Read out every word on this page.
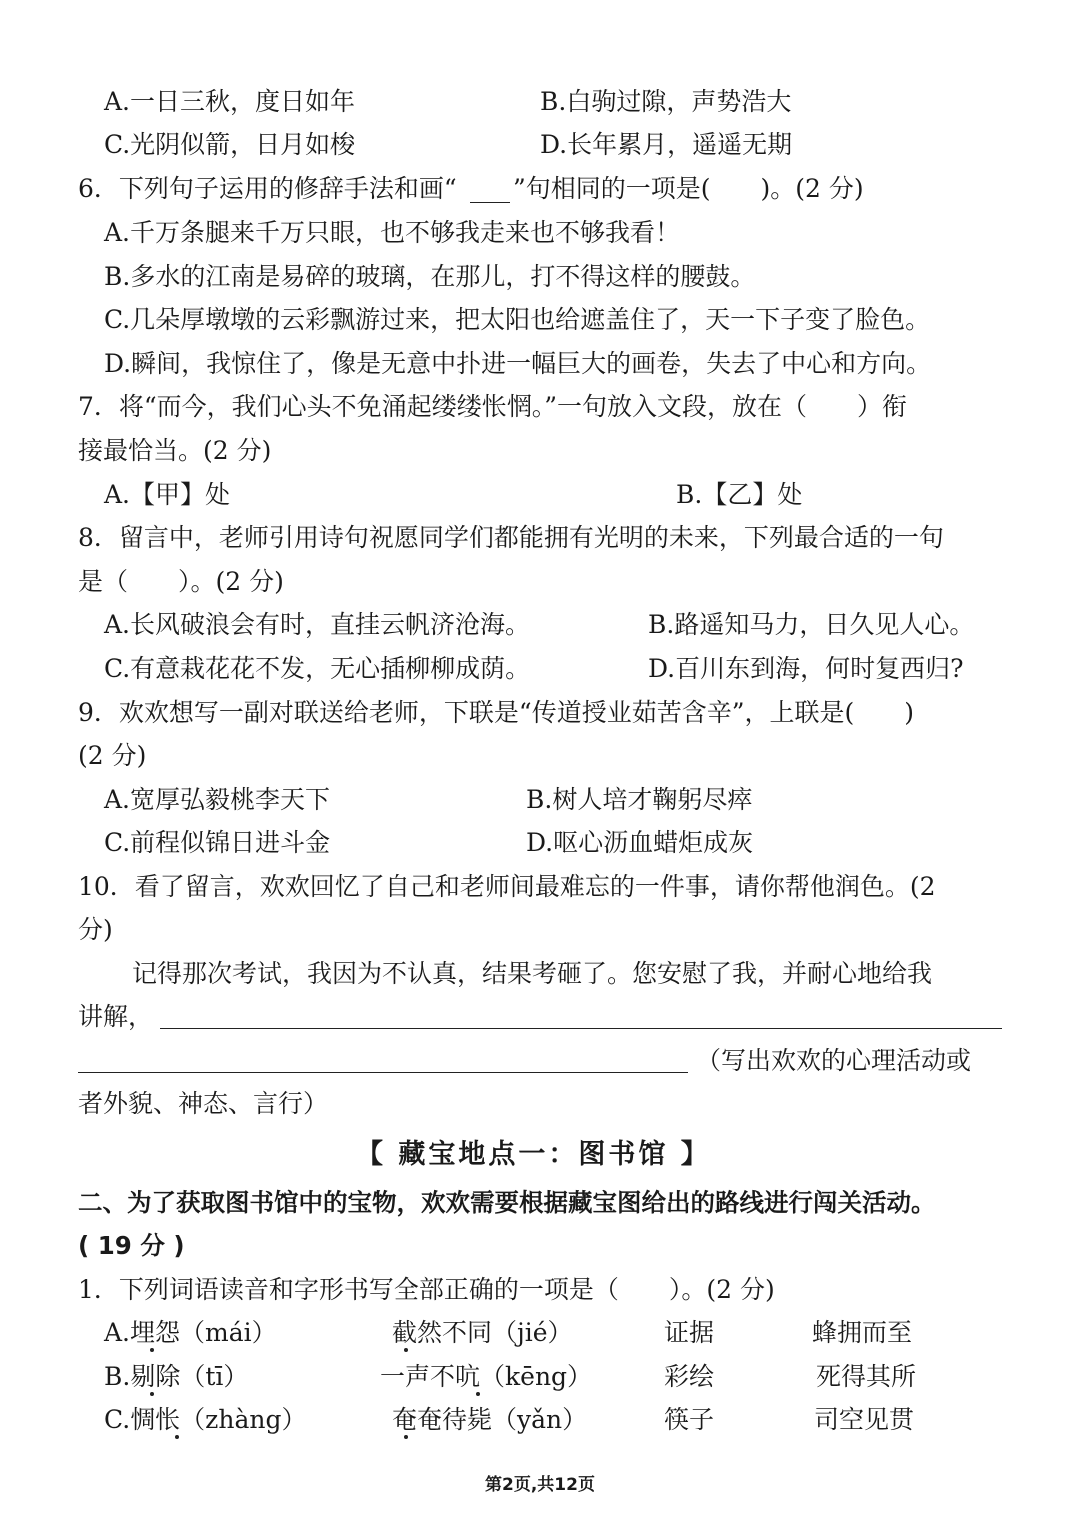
A.一日三秋，度日如年	B.白驹过隙，声势浩大
C.光阴似箭，日月如梭	D.长年累月，遥遥无期
6．下列句子运用的修辞手法和画“ ”句相同的一项是(　　)。(2 分)
A.千万条腿来千万只眼，也不够我走来也不够我看！
B.多水的江南是易碎的玻璃，在那儿，打不得这样的腰鼓。
C.几朵厚墩墩的云彩飘游过来，把太阳也给遮盖住了，天一下子变了脸色。
D.瞬间，我惊住了，像是无意中扑进一幅巨大的画卷，失去了中心和方向。
7．将“而今，我们心头不免涌起缕缕怅惘。”一句放入文段，放在（　　）衔
接最恰当。(2 分)
A.【甲】处	B.【乙】处
8．留言中，老师引用诗句祝愿同学们都能拥有光明的未来，下列最合适的一句
是（　　）。(2 分)
A.长风破浪会有时，直挂云帆济沧海。	B.路遥知马力，日久见人心。
C.有意栽花花不发，无心插柳柳成荫。	D.百川东到海，何时复西归?
9．欢欢想写一副对联送给老师，下联是“传道授业茹苦含辛”，上联是(　　)
(2 分)
A.宽厚弘毅桃李天下	B.树人培才鞠躬尽瘁
C.前程似锦日进斗金	D.呕心沥血蜡炬成灰
10．看了留言，欢欢回忆了自己和老师间最难忘的一件事，请你帮他润色。(2
分)
记得那次考试，我因为不认真，结果考砸了。您安慰了我，并耐心地给我
讲解，
（写出欢欢的心理活动或
者外貌、神态、言行）
【 藏宝地点一：图书馆 】
二、为了获取图书馆中的宝物，欢欢需要根据藏宝图给出的路线进行闯关活动。
( 19 分 )
1．下列词语读音和字形书写全部正确的一项是（　　）。(2 分)
A.埋怨（mái）	截然不同（jié）	证据	蜂拥而至
B.剔除（tī）	一声不吭（kēng）	彩绘	死得其所
C.惆怅（zhàng）	奄奄待毙（yǎn）	筷子	司空见贯
第2页,共12页
